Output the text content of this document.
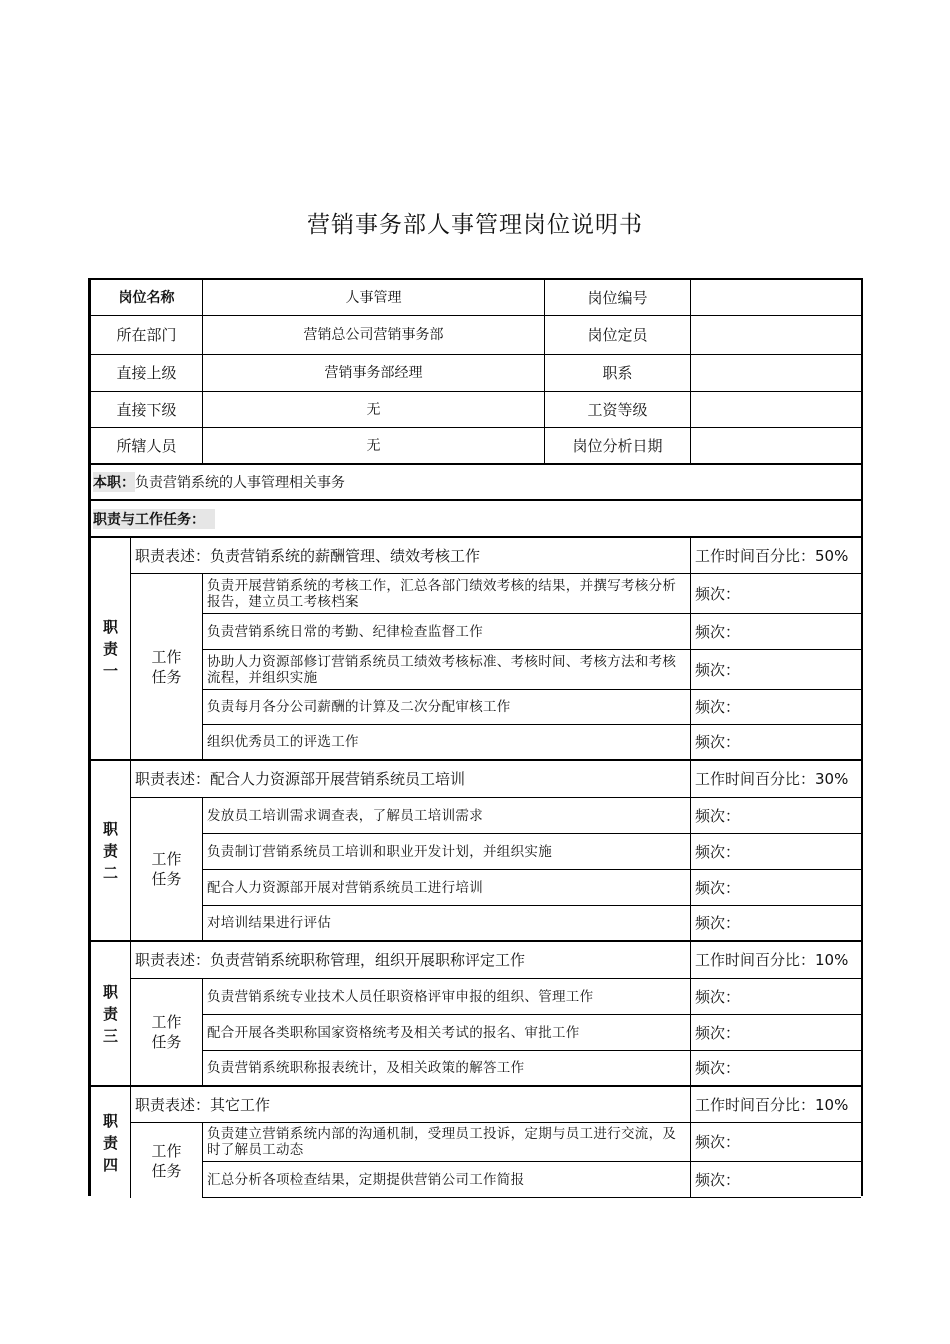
营销事务部人事管理岗位说明书
岗位名称	人事管理	岗位编号
所在部门	营销总公司营销事务部	岗位定员
直接上级	营销事务部经理	职系
直接下级	无	工资等级
所辖人员	无	岗位分析日期
本职： 负责营销系统的人事管理相关事务
职责与工作任务：
职
责
一
职责表述：负责营销系统的薪酬管理、绩效考核工作	工作时间百分比：50%
工作
任务
负责开展营销系统的考核工作，汇总各部门绩效考核的结果，并撰写考核分析报告，建立员工考核档案	频次：
负责营销系统日常的考勤、纪律检查监督工作	频次：
协助人力资源部修订营销系统员工绩效考核标准、考核时间、考核方法和考核流程，并组织实施	频次：
负责每月各分公司薪酬的计算及二次分配审核工作	频次：
组织优秀员工的评选工作	频次：
职
责
二
职责表述：配合人力资源部开展营销系统员工培训	工作时间百分比：30%
工作
任务
发放员工培训需求调查表，了解员工培训需求	频次：
负责制订营销系统员工培训和职业开发计划，并组织实施	频次：
配合人力资源部开展对营销系统员工进行培训	频次：
对培训结果进行评估	频次：
职
责
三
职责表述：负责营销系统职称管理，组织开展职称评定工作	工作时间百分比：10%
工作
任务
负责营销系统专业技术人员任职资格评审申报的组织、管理工作	频次：
配合开展各类职称国家资格统考及相关考试的报名、审批工作	频次：
负责营销系统职称报表统计，及相关政策的解答工作	频次：
职
责
四
职责表述：其它工作	工作时间百分比：10%
工作
任务
负责建立营销系统内部的沟通机制，受理员工投诉，定期与员工进行交流，及时了解员工动态	频次：
汇总分析各项检查结果，定期提供营销公司工作简报	频次：
